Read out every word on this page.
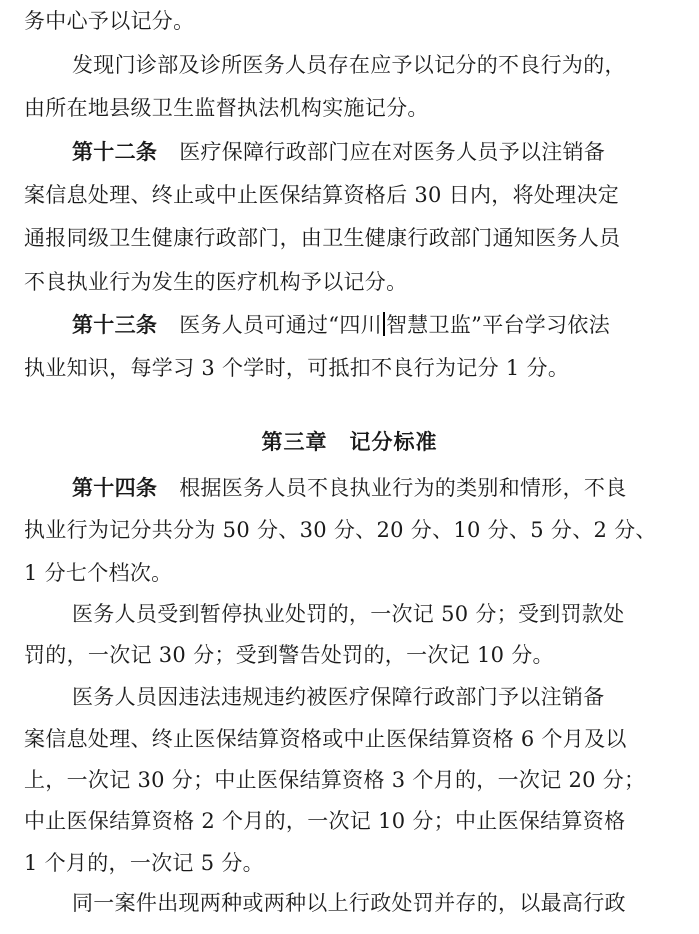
务中心予以记分。
发现门诊部及诊所医务人员存在应予以记分的不良行为的，
由所在地县级卫生监督执法机构实施记分。
第十二条 医疗保障行政部门应在对医务人员予以注销备
案信息处理、终止或中止医保结算资格后 30 日内，将处理决定
通报同级卫生健康行政部门，由卫生健康行政部门通知医务人员
不良执业行为发生的医疗机构予以记分。
第十三条 医务人员可通过“四川 智慧卫监”平台学习依法
执业知识，每学习 3 个学时，可抵扣不良行为记分 1 分。
第三章 记分标准
第十四条 根据医务人员不良执业行为的类别和情形，不良
执业行为记分共分为 50 分、30 分、20 分、10 分、5 分、2 分、
1 分七个档次。
医务人员受到暂停执业处罚的，一次记 50 分；受到罚款处
罚的，一次记 30 分；受到警告处罚的，一次记 10 分。
医务人员因违法违规违约被医疗保障行政部门予以注销备
案信息处理、终止医保结算资格或中止医保结算资格 6 个月及以
上，一次记 30 分；中止医保结算资格 3 个月的，一次记 20 分；
中止医保结算资格 2 个月的，一次记 10 分；中止医保结算资格
1 个月的，一次记 5 分。
同一案件出现两种或两种以上行政处罚并存的，以最高行政
